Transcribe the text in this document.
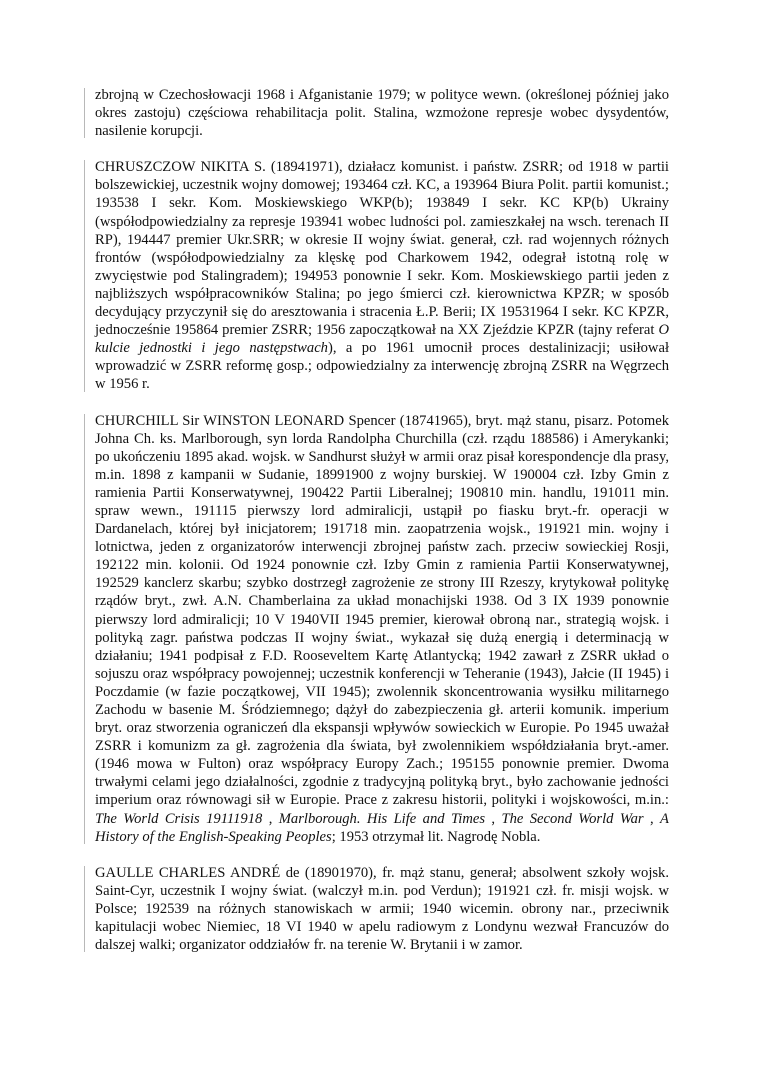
zbrojną w Czechosłowacji 1968 i Afganistanie 1979; w polityce wewn. (określonej później jako okres zastoju) częściowa rehabilitacja polit. Stalina, wzmożone represje wobec dysydentów, nasilenie korupcji.

CHRUSZCZOW NIKITA S. (18941971), działacz komunist. i państw. ZSRR; od 1918 w partii bolszewickiej, uczestnik wojny domowej; 193464 czł. KC, a 193964 Biura Polit. partii komunist.; 193538 I sekr. Kom. Moskiewskiego WKP(b); 193849 I sekr. KC KP(b) Ukrainy (współodpowiedzialny za represje 193941 wobec ludności pol. zamieszkałej na wsch. terenach II RP), 194447 premier Ukr.SRR; w okresie II wojny świat. generał, czł. rad wojennych różnych frontów (współodpowiedzialny za klęskę pod Charkowem 1942, odegrał istotną rolę w zwycięstwie pod Stalingradem); 194953 ponownie I sekr. Kom. Moskiewskiego partii jeden z najbliższych współpracowników Stalina; po jego śmierci czł. kierownictwa KPZR; w sposób decydujący przyczynił się do aresztowania i stracenia Ł.P. Berii; IX 19531964 I sekr. KC KPZR, jednocześnie 195864 premier ZSRR; 1956 zapoczątkował na XX Zjeździe KPZR (tajny referat O kulcie jednostki i jego następstwach), a po 1961 umocnił proces destalinizacji; usiłował wprowadzić w ZSRR reformę gosp.; odpowiedzialny za interwencję zbrojną ZSRR na Węgrzech w 1956 r.

CHURCHILL Sir WINSTON LEONARD Spencer (18741965), bryt. mąż stanu, pisarz. Potomek Johna Ch. ks. Marlborough, syn lorda Randolpha Churchilla (czł. rządu 188586) i Amerykanki; po ukończeniu 1895 akad. wojsk. w Sandhurst służył w armii oraz pisał korespondencje dla prasy, m.in. 1898 z kampanii w Sudanie, 18991900 z wojny burskiej. W 190004 czł. Izby Gmin z ramienia Partii Konserwatywnej, 190422 Partii Liberalnej; 190810 min. handlu, 191011 min. spraw wewn., 191115 pierwszy lord admiralicji, ustąpił po fiasku bryt.-fr. operacji w Dardanelach, której był inicjatorem; 191718 min. zaopatrzenia wojsk., 191921 min. wojny i lotnictwa, jeden z organizatorów interwencji zbrojnej państw zach. przeciw sowieckiej Rosji, 192122 min. kolonii. Od 1924 ponownie czł. Izby Gmin z ramienia Partii Konserwatywnej, 192529 kanclerz skarbu; szybko dostrzegł zagrożenie ze strony III Rzeszy, krytykował politykę rządów bryt., zwł. A.N. Chamberlaina za układ monachijski 1938. Od 3 IX 1939 ponownie pierwszy lord admiralicji; 10 V 1940VII 1945 premier, kierował obroną nar., strategią wojsk. i polityką zagr. państwa podczas II wojny świat., wykazał się dużą energią i determinacją w działaniu; 1941 podpisał z F.D. Rooseveltem Kartę Atlantycką; 1942 zawarł z ZSRR układ o sojuszu oraz współpracy powojennej; uczestnik konferencji w Teheranie (1943), Jałcie (II 1945) i Poczdamie (w fazie początkowej, VII 1945); zwolennik skoncentrowania wysiłku militarnego Zachodu w basenie M. Śródziemnego; dążył do zabezpieczenia gł. arterii komunik. imperium bryt. oraz stworzenia ograniczeń dla ekspansji wpływów sowieckich w Europie. Po 1945 uważał ZSRR i komunizm za gł. zagrożenia dla świata, był zwolennikiem współdziałania bryt.-amer. (1946 mowa w Fulton) oraz współpracy Europy Zach.; 195155 ponownie premier. Dwoma trwałymi celami jego działalności, zgodnie z tradycyjną polityką bryt., było zachowanie jedności imperium oraz równowagi sił w Europie. Prace z zakresu historii, polityki i wojskowości, m.in.: The World Crisis 19111918 , Marlborough. His Life and Times , The Second World War , A History of the English-Speaking Peoples; 1953 otrzymał lit. Nagrodę Nobla.

GAULLE CHARLES ANDRÉ de (18901970), fr. mąż stanu, generał; absolwent szkoły wojsk. Saint-Cyr, uczestnik I wojny świat. (walczył m.in. pod Verdun); 191921 czł. fr. misji wojsk. w Polsce; 192539 na różnych stanowiskach w armii; 1940 wicemin. obrony nar., przeciwnik kapitulacji wobec Niemiec, 18 VI 1940 w apelu radiowym z Londynu wezwał Francuzów do dalszej walki; organizator oddziałów fr. na terenie W. Brytanii i w zamor.
